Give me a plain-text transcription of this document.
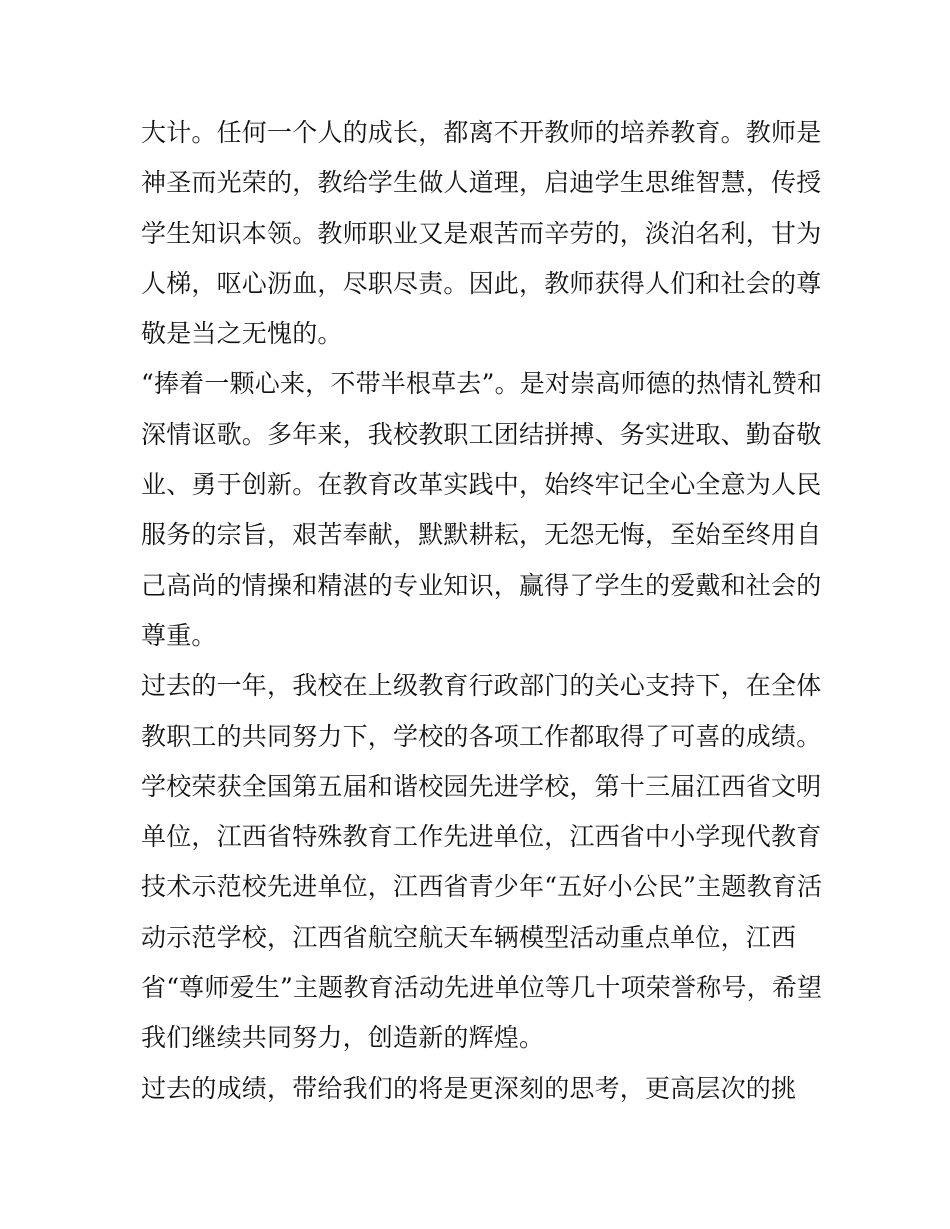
大计。任何一个人的成长，都离不开教师的培养教育。教师是
神圣而光荣的，教给学生做人道理，启迪学生思维智慧，传授
学生知识本领。教师职业又是艰苦而辛劳的，淡泊名利，甘为
人梯，呕心沥血，尽职尽责。因此，教师获得人们和社会的尊
敬是当之无愧的。
“捧着一颗心来，不带半根草去”。是对崇高师德的热情礼赞和
深情讴歌。多年来，我校教职工团结拼搏、务实进取、勤奋敬
业、勇于创新。在教育改革实践中，始终牢记全心全意为人民
服务的宗旨，艰苦奉献，默默耕耘，无怨无悔，至始至终用自
己高尚的情操和精湛的专业知识，赢得了学生的爱戴和社会的
尊重。
过去的一年，我校在上级教育行政部门的关心支持下，在全体
教职工的共同努力下，学校的各项工作都取得了可喜的成绩。
学校荣获全国第五届和谐校园先进学校，第十三届江西省文明
单位，江西省特殊教育工作先进单位，江西省中小学现代教育
技术示范校先进单位，江西省青少年“五好小公民”主题教育活
动示范学校，江西省航空航天车辆模型活动重点单位，江西
省“尊师爱生”主题教育活动先进单位等几十项荣誉称号，希望
我们继续共同努力，创造新的辉煌。
过去的成绩，带给我们的将是更深刻的思考，更高层次的挑
